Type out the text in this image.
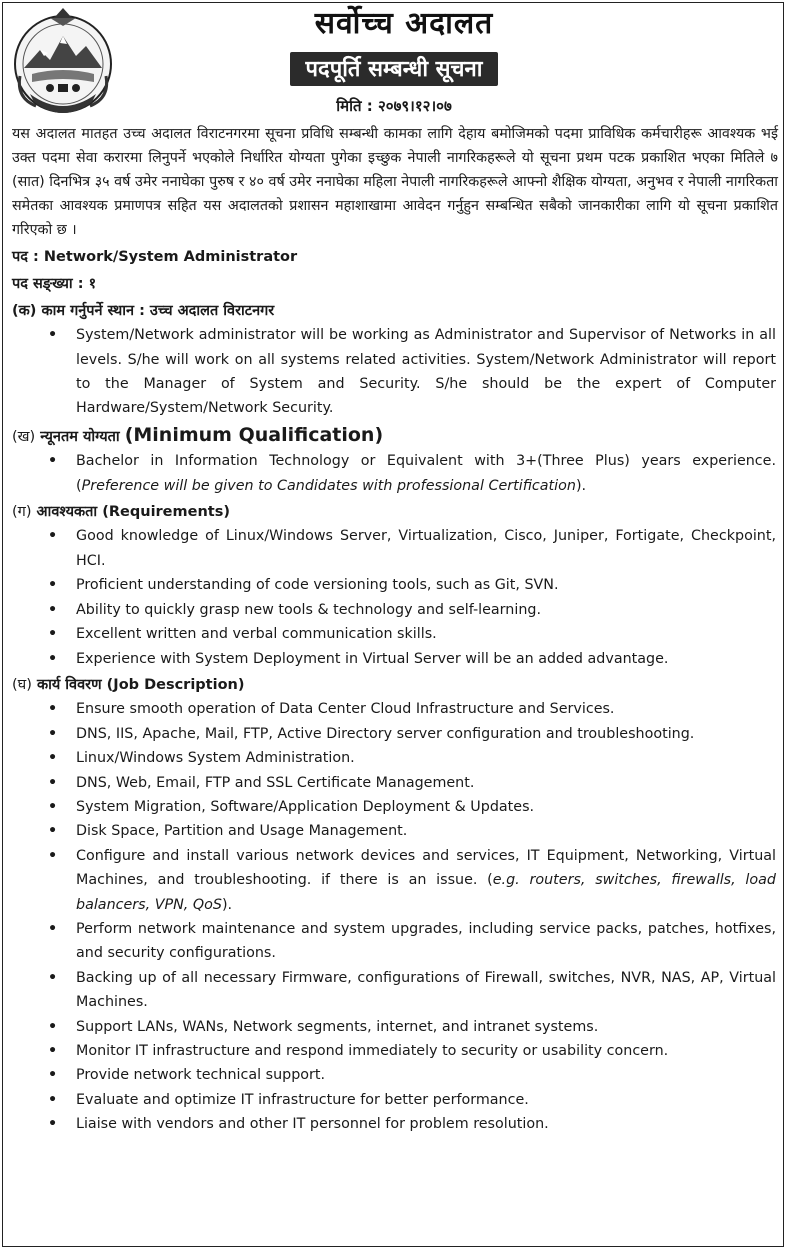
सर्वोच्च अदालत
पदपूर्ति सम्बन्धी सूचना
मिति : २०७९।१२।०७

यस अदालत मातहत उच्च अदालत विराटनगरमा सूचना प्रविधि सम्बन्धी कामका लागि देहाय बमोजिमको पदमा प्राविधिक कर्मचारीहरू आवश्यक भई उक्त पदमा सेवा करारमा लिनुपर्ने भएकोले निर्धारित योग्यता पुगेका इच्छुक नेपाली नागरिकहरूले यो सूचना प्रथम पटक प्रकाशित भएका मितिले ७ (सात) दिनभित्र ३५ वर्ष उमेर ननाघेका पुरुष र ४० वर्ष उमेर ननाघेका महिला नेपाली नागरिकहरूले आफ्नो शैक्षिक योग्यता, अनुभव र नेपाली नागरिकता समेतका आवश्यक प्रमाणपत्र सहित यस अदालतको प्रशासन महाशाखामा आवेदन गर्नुहुन सम्बन्धित सबैको जानकारीका लागि यो सूचना प्रकाशित गरिएको छ ।

पद : Network/System Administrator
पद सङ्ख्या : १
(क) काम गर्नुपर्ने स्थान : उच्च अदालत विराटनगर
• System/Network administrator will be working as Administrator and Supervisor of Networks in all levels. S/he will work on all systems related activities. System/Network Administrator will report to the Manager of System and Security. S/he should be the expert of Computer Hardware/System/Network Security.
(ख) न्यूनतम योग्यता (Minimum Qualification)
• Bachelor in Information Technology or Equivalent with 3+(Three Plus) years experience. (Preference will be given to Candidates with professional Certification).
(ग) आवश्यकता (Requirements)
• Good knowledge of Linux/Windows Server, Virtualization, Cisco, Juniper, Fortigate, Checkpoint, HCI.
• Proficient understanding of code versioning tools, such as Git, SVN.
• Ability to quickly grasp new tools & technology and self-learning.
• Excellent written and verbal communication skills.
• Experience with System Deployment in Virtual Server will be an added advantage.
(घ) कार्य विवरण (Job Description)
• Ensure smooth operation of Data Center Cloud Infrastructure and Services.
• DNS, IIS, Apache, Mail, FTP, Active Directory server configuration and troubleshooting.
• Linux/Windows System Administration.
• DNS, Web, Email, FTP and SSL Certificate Management.
• System Migration, Software/Application Deployment & Updates.
• Disk Space, Partition and Usage Management.
• Configure and install various network devices and services, IT Equipment, Networking, Virtual Machines, and troubleshooting. if there is an issue. (e.g. routers, switches, firewalls, load balancers, VPN, QoS).
• Perform network maintenance and system upgrades, including service packs, patches, hotfixes, and security configurations.
• Backing up of all necessary Firmware, configurations of Firewall, switches, NVR, NAS, AP, Virtual Machines.
• Support LANs, WANs, Network segments, internet, and intranet systems.
• Monitor IT infrastructure and respond immediately to security or usability concern.
• Provide network technical support.
• Evaluate and optimize IT infrastructure for better performance.
• Liaise with vendors and other IT personnel for problem resolution.
